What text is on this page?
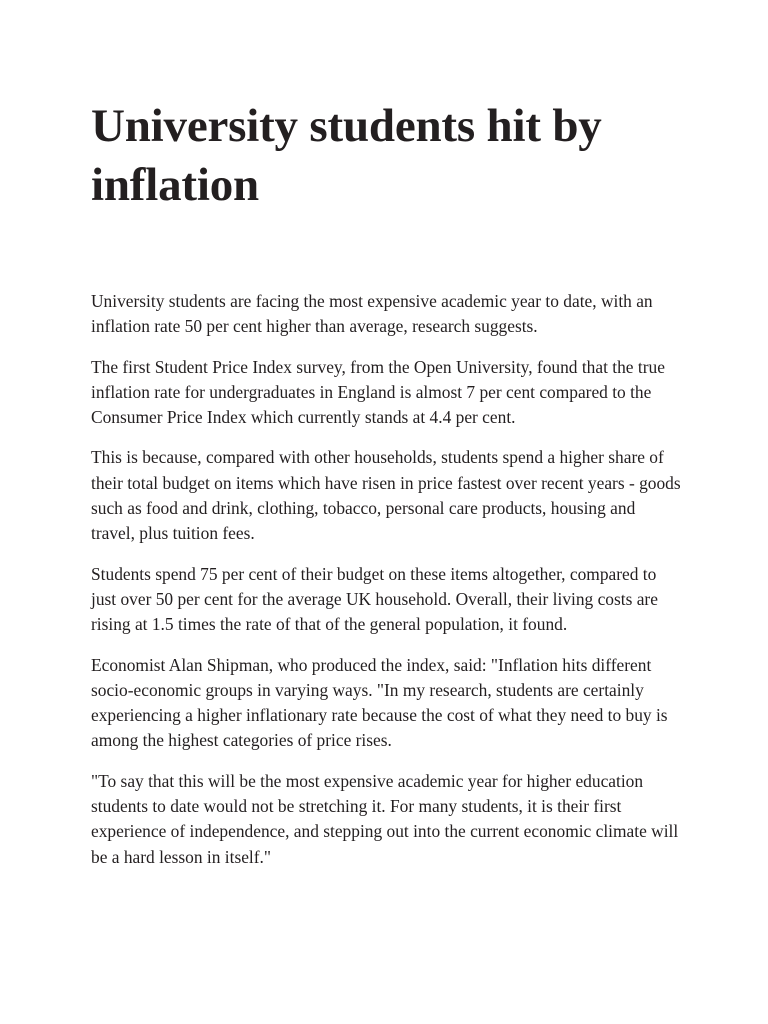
University students hit by inflation

University students are facing the most expensive academic year to date, with an inflation rate 50 per cent higher than average, research suggests.

The first Student Price Index survey, from the Open University, found that the true inflation rate for undergraduates in England is almost 7 per cent compared to the Consumer Price Index which currently stands at 4.4 per cent.

This is because, compared with other households, students spend a higher share of their total budget on items which have risen in price fastest over recent years - goods such as food and drink, clothing, tobacco, personal care products, housing and travel, plus tuition fees.

Students spend 75 per cent of their budget on these items altogether, compared to just over 50 per cent for the average UK household. Overall, their living costs are rising at 1.5 times the rate of that of the general population, it found.

Economist Alan Shipman, who produced the index, said: "Inflation hits different socio-economic groups in varying ways. "In my research, students are certainly experiencing a higher inflationary rate because the cost of what they need to buy is among the highest categories of price rises.

"To say that this will be the most expensive academic year for higher education students to date would not be stretching it. For many students, it is their first experience of independence, and stepping out into the current economic climate will be a hard lesson in itself."
